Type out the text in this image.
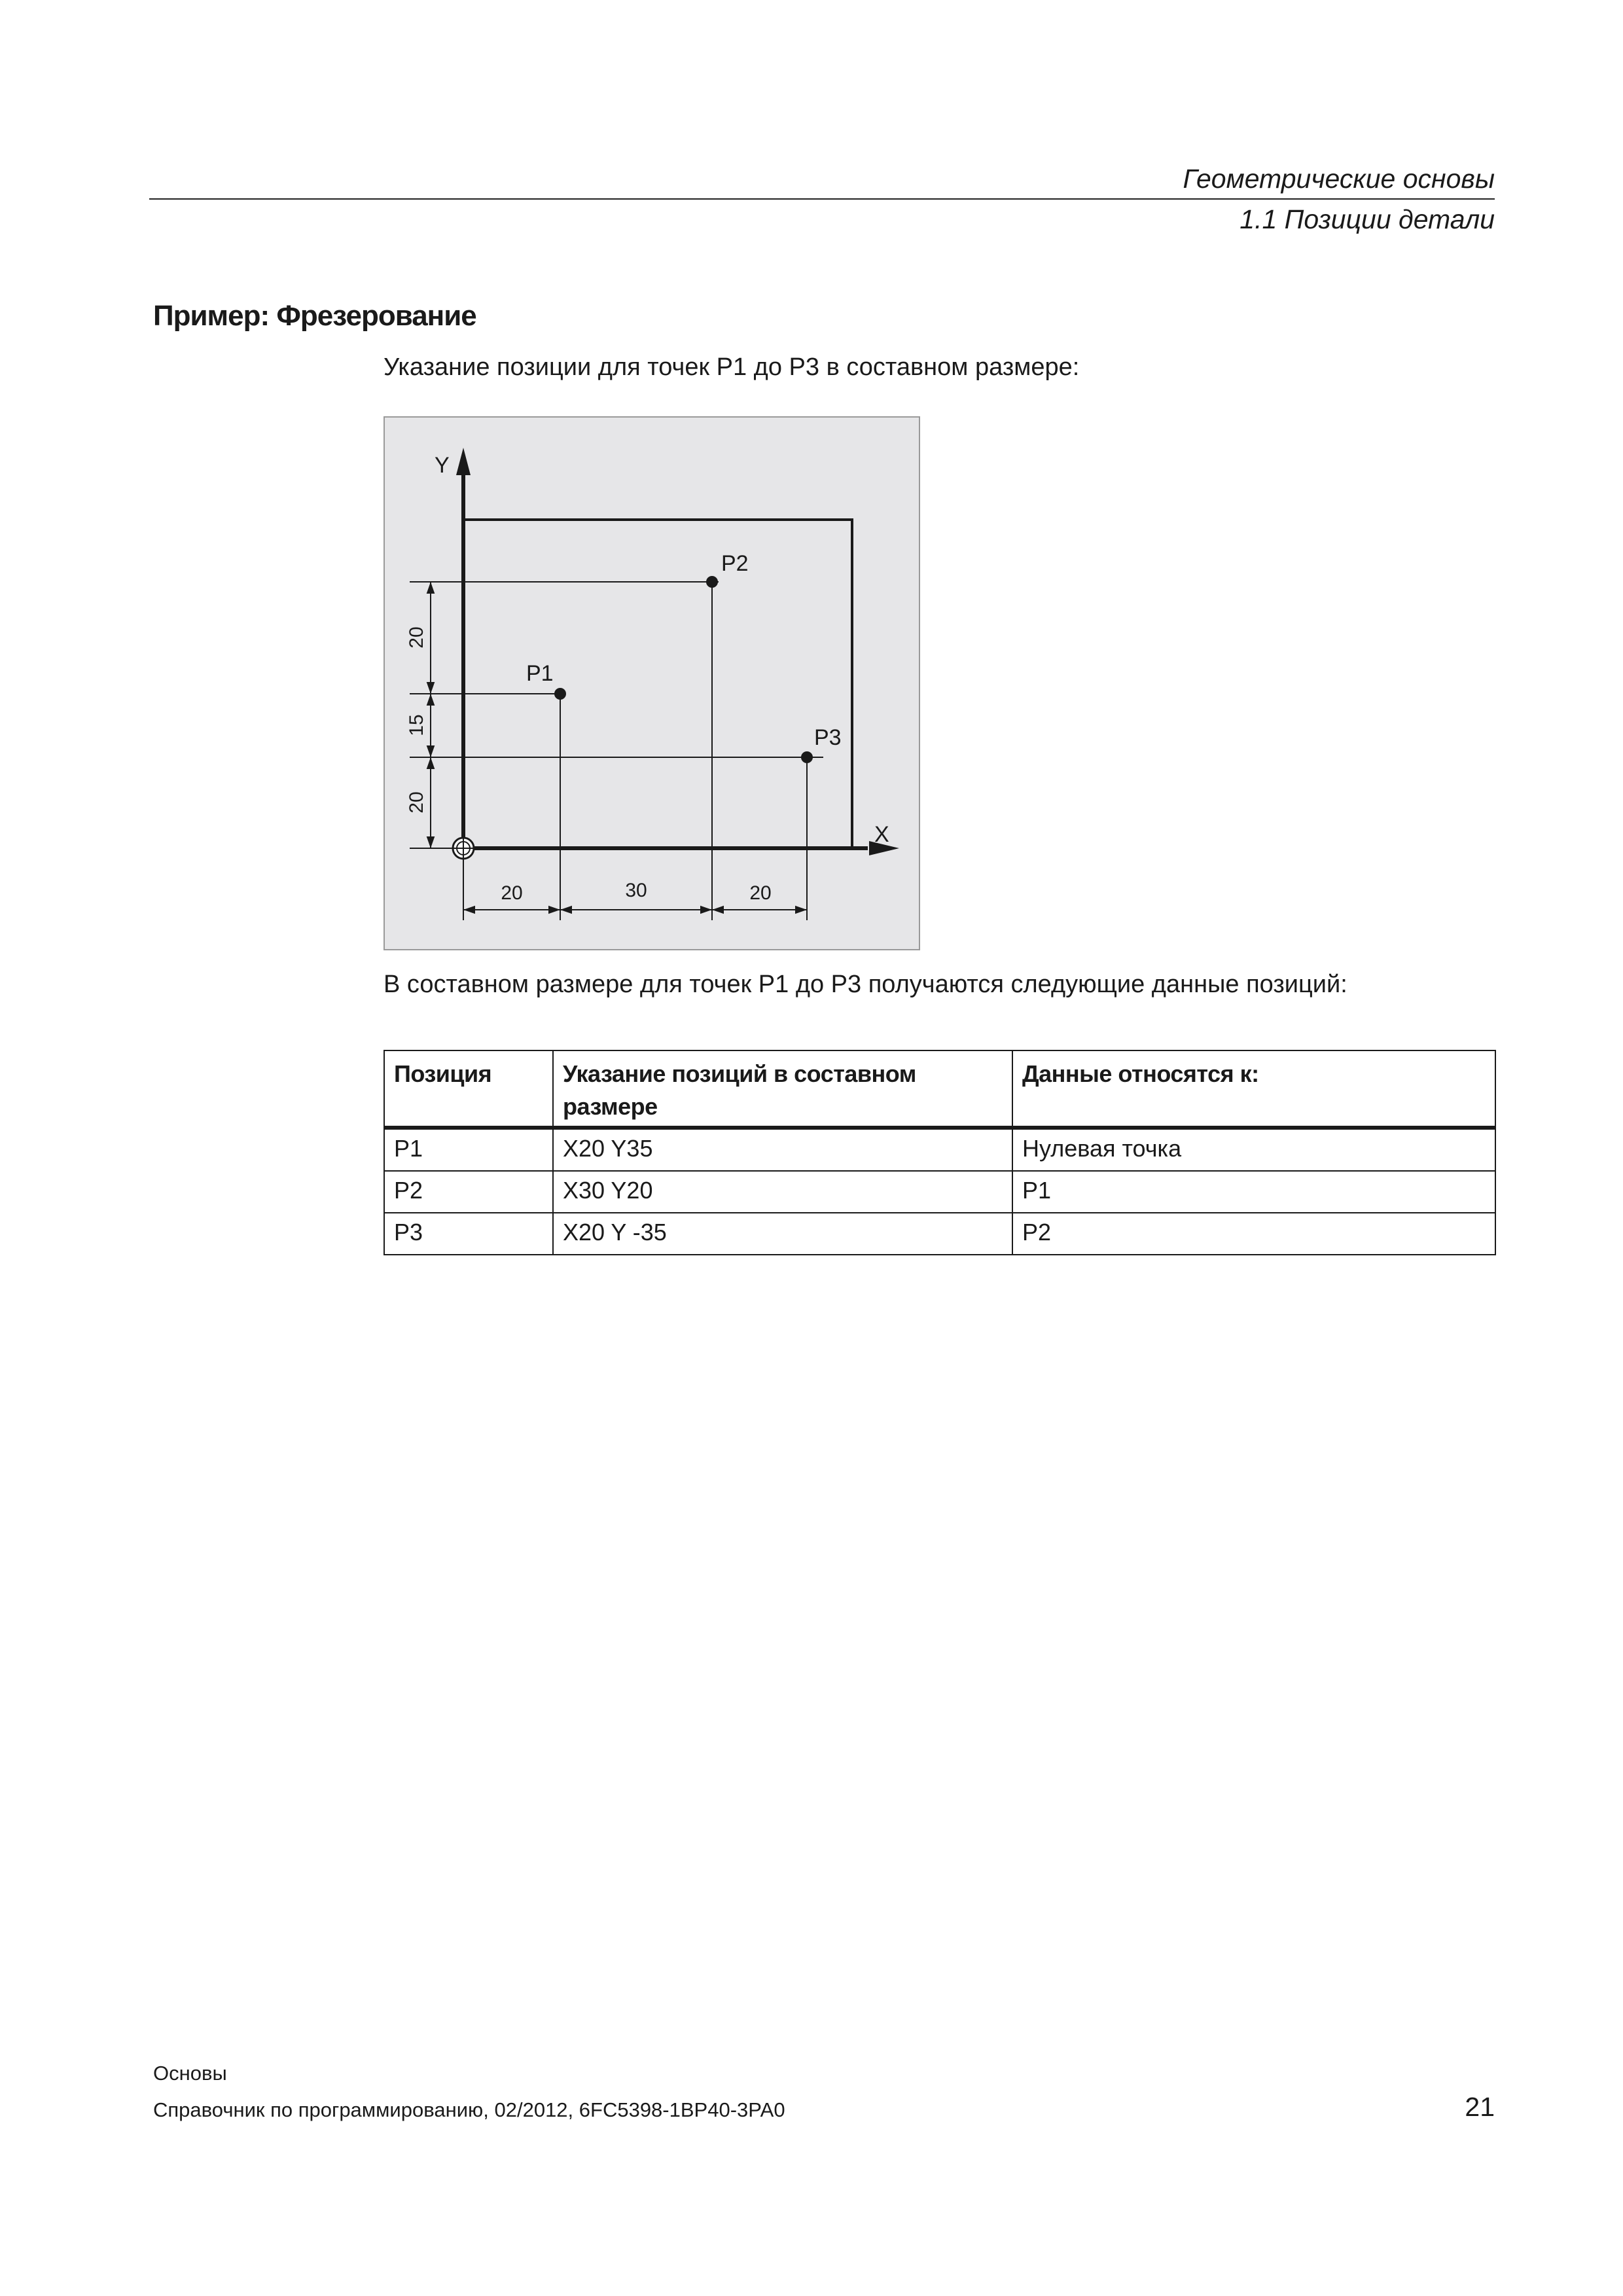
Геометрические основы
1.1 Позиции детали
Пример: Фрезерование
Указание позиции для точек P1 до P3 в составном размере:
Y
X
P1
P2
P3
20
15
20
20	30	20
В составном размере для точек P1 до P3 получаются следующие данные позиций:
Позиция	Указание позиций в составном размере	Данные относятся к:
P1	X20 Y35	Нулевая точка
P2	X30 Y20	P1
P3	X20 Y -35	P2
Основы
Справочник по программированию, 02/2012, 6FC5398-1BP40-3PA0	21
